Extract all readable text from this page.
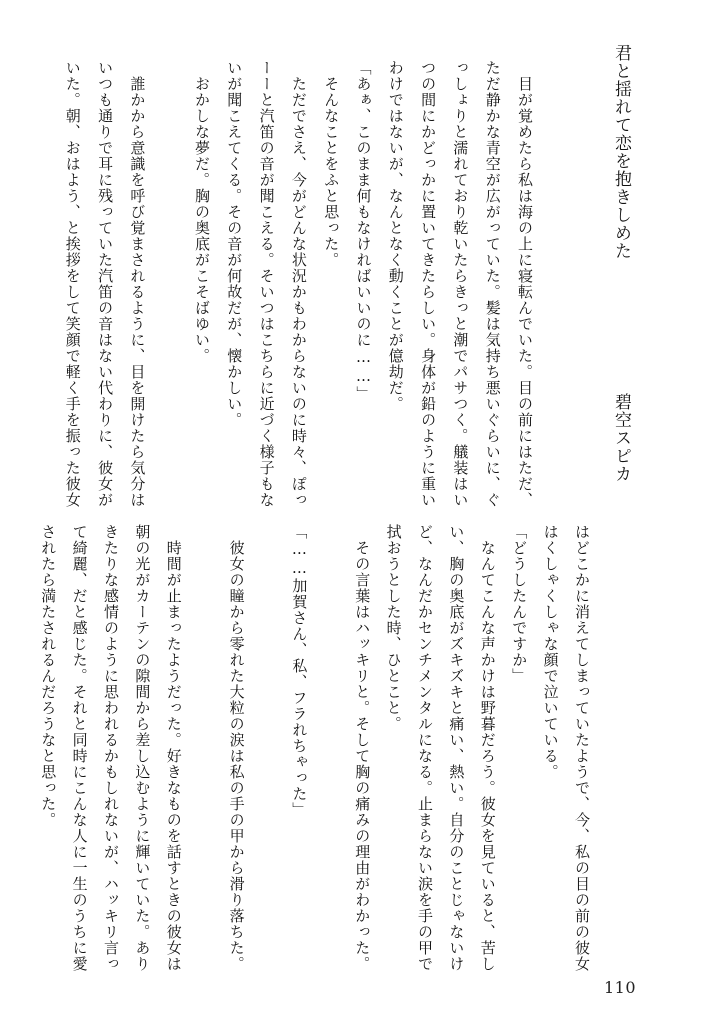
君と揺れて恋を抱きしめた
碧空スピカ
　目が覚めたら私は海の上に寝転んでいた。目の前にはただ、
ただ静かな青空が広がっていた。髪は気持ち悪いぐらいに、ぐ
っしょりと濡れており乾いたらきっと潮でパサつく。艤装はい
つの間にかどっかに置いてきたらしい。身体が鉛のように重い
わけではないが、なんとなく動くことが億劫だ。
「あぁ、このまま何もなければいいのに……」
　そんなことをふと思った。
　ただでさえ、今がどんな状況かもわからないのに時々、ぽっ
ーーと汽笛の音が聞こえる。そいつはこちらに近づく様子もな
いが聞こえてくる。その音が何故だが、懐かしい。
　おかしな夢だ。胸の奥底がこそばゆい。
　誰かから意識を呼び覚まされるように、目を開けたら気分は
いつも通りで耳に残っていた汽笛の音はない代わりに、彼女が
いた。朝、おはよう、と挨拶をして笑顔で軽く手を振った彼女
はどこかに消えてしまっていたようで、今、私の目の前の彼女
はくしゃくしゃな顔で泣いている。
「どうしたんですか」
　なんてこんな声かけは野暮だろう。彼女を見ていると、苦し
い、胸の奥底がズキズキと痛い、熱い。自分のことじゃないけ
ど、なんだかセンチメンタルになる。止まらない涙を手の甲で
拭おうとした時、ひとこと。
　その言葉はハッキリと。そして胸の痛みの理由がわかった。
「……加賀さん、私、フラれちゃった」
　彼女の瞳から零れた大粒の涙は私の手の甲から滑り落ちた。
　時間が止まったようだった。好きなものを話すときの彼女は
朝の光がカーテンの隙間から差し込むように輝いていた。あり
きたりな感情のように思われるかもしれないが、ハッキリ言っ
て綺麗、だと感じた。それと同時にこんな人に一生のうちに愛
されたら満たされるんだろうなと思った。
110
